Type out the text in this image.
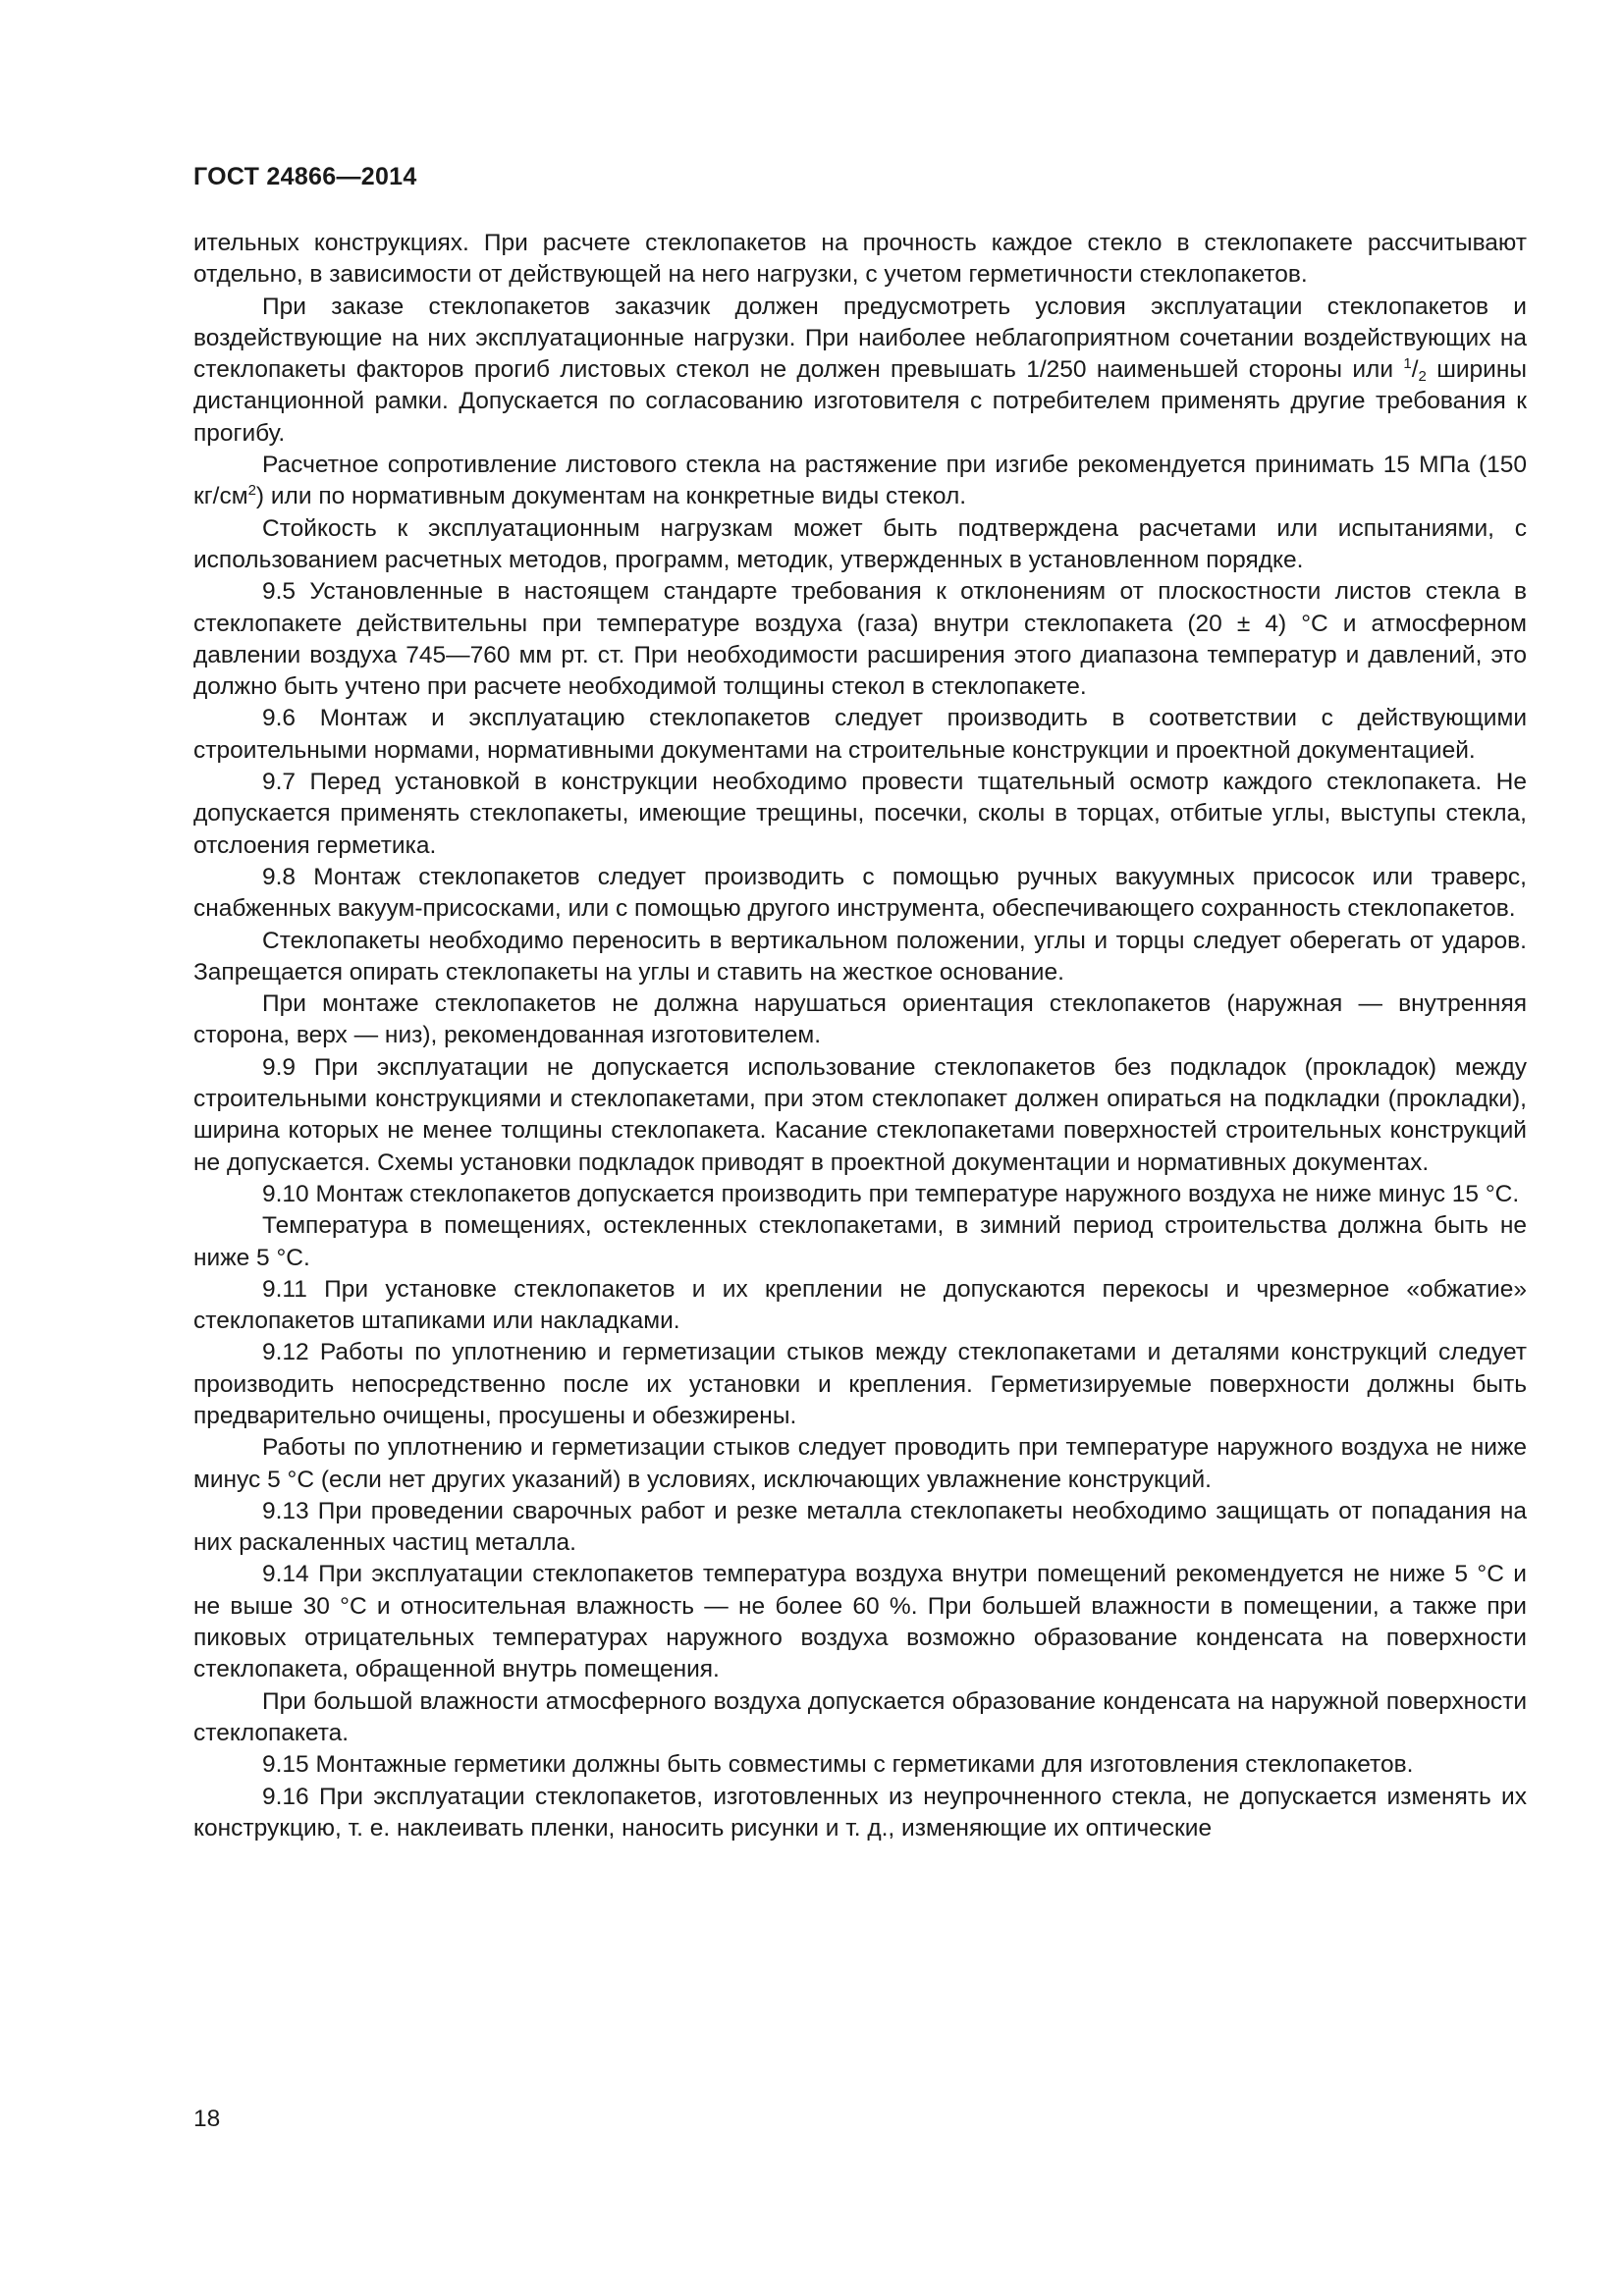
ГОСТ 24866—2014

ительных конструкциях. При расчете стеклопакетов на прочность каждое стекло в стеклопакете рассчитывают отдельно, в зависимости от действующей на него нагрузки, с учетом герметичности стеклопакетов.

При заказе стеклопакетов заказчик должен предусмотреть условия эксплуатации стеклопакетов и воздействующие на них эксплуатационные нагрузки. При наиболее неблагоприятном сочетании воздействующих на стеклопакеты факторов прогиб листовых стекол не должен превышать 1/250 наименьшей стороны или $^1/_2$ ширины дистанционной рамки. Допускается по согласованию изготовителя с потребителем применять другие требования к прогибу.

Расчетное сопротивление листового стекла на растяжение при изгибе рекомендуется принимать 15 МПа (150 $кг/см^2$) или по нормативным документам на конкретные виды стекол.

Стойкость к эксплуатационным нагрузкам может быть подтверждена расчетами или испытаниями, с использованием расчетных методов, программ, методик, утвержденных в установленном порядке.

9.5 Установленные в настоящем стандарте требования к отклонениям от плоскостности листов стекла в стеклопакете действительны при температуре воздуха (газа) внутри стеклопакета (20 ± 4) °С и атмосферном давлении воздуха 745—760 мм рт. ст. При необходимости расширения этого диапазона температур и давлений, это должно быть учтено при расчете необходимой толщины стекол в стеклопакете.

9.6 Монтаж и эксплуатацию стеклопакетов следует производить в соответствии с действующими строительными нормами, нормативными документами на строительные конструкции и проектной документацией.

9.7 Перед установкой в конструкции необходимо провести тщательный осмотр каждого стеклопакета. Не допускается применять стеклопакеты, имеющие трещины, посечки, сколы в торцах, отбитые углы, выступы стекла, отслоения герметика.

9.8 Монтаж стеклопакетов следует производить с помощью ручных вакуумных присосок или траверс, снабженных вакуум-присосками, или с помощью другого инструмента, обеспечивающего сохранность стеклопакетов.

Стеклопакеты необходимо переносить в вертикальном положении, углы и торцы следует оберегать от ударов. Запрещается опирать стеклопакеты на углы и ставить на жесткое основание.

При монтаже стеклопакетов не должна нарушаться ориентация стеклопакетов (наружная — внутренняя сторона, верх — низ), рекомендованная изготовителем.

9.9 При эксплуатации не допускается использование стеклопакетов без подкладок (прокладок) между строительными конструкциями и стеклопакетами, при этом стеклопакет должен опираться на подкладки (прокладки), ширина которых не менее толщины стеклопакета. Касание стеклопакетами поверхностей строительных конструкций не допускается. Схемы установки подкладок приводят в проектной документации и нормативных документах.

9.10 Монтаж стеклопакетов допускается производить при температуре наружного воздуха не ниже минус 15 °С.

Температура в помещениях, остекленных стеклопакетами, в зимний период строительства должна быть не ниже 5 °С.

9.11 При установке стеклопакетов и их креплении не допускаются перекосы и чрезмерное «обжатие» стеклопакетов штапиками или накладками.

9.12 Работы по уплотнению и герметизации стыков между стеклопакетами и деталями конструкций следует производить непосредственно после их установки и крепления. Герметизируемые поверхности должны быть предварительно очищены, просушены и обезжирены.

Работы по уплотнению и герметизации стыков следует проводить при температуре наружного воздуха не ниже минус 5 °С (если нет других указаний) в условиях, исключающих увлажнение конструкций.

9.13 При проведении сварочных работ и резке металла стеклопакеты необходимо защищать от попадания на них раскаленных частиц металла.

9.14 При эксплуатации стеклопакетов температура воздуха внутри помещений рекомендуется не ниже 5 °С и не выше 30 °С и относительная влажность — не более 60 %. При большей влажности в помещении, а также при пиковых отрицательных температурах наружного воздуха возможно образование конденсата на поверхности стеклопакета, обращенной внутрь помещения.

При большой влажности атмосферного воздуха допускается образование конденсата на наружной поверхности стеклопакета.

9.15 Монтажные герметики должны быть совместимы с герметиками для изготовления стеклопакетов.

9.16 При эксплуатации стеклопакетов, изготовленных из неупрочненного стекла, не допускается изменять их конструкцию, т. е. наклеивать пленки, наносить рисунки и т. д., изменяющие их оптические

18
